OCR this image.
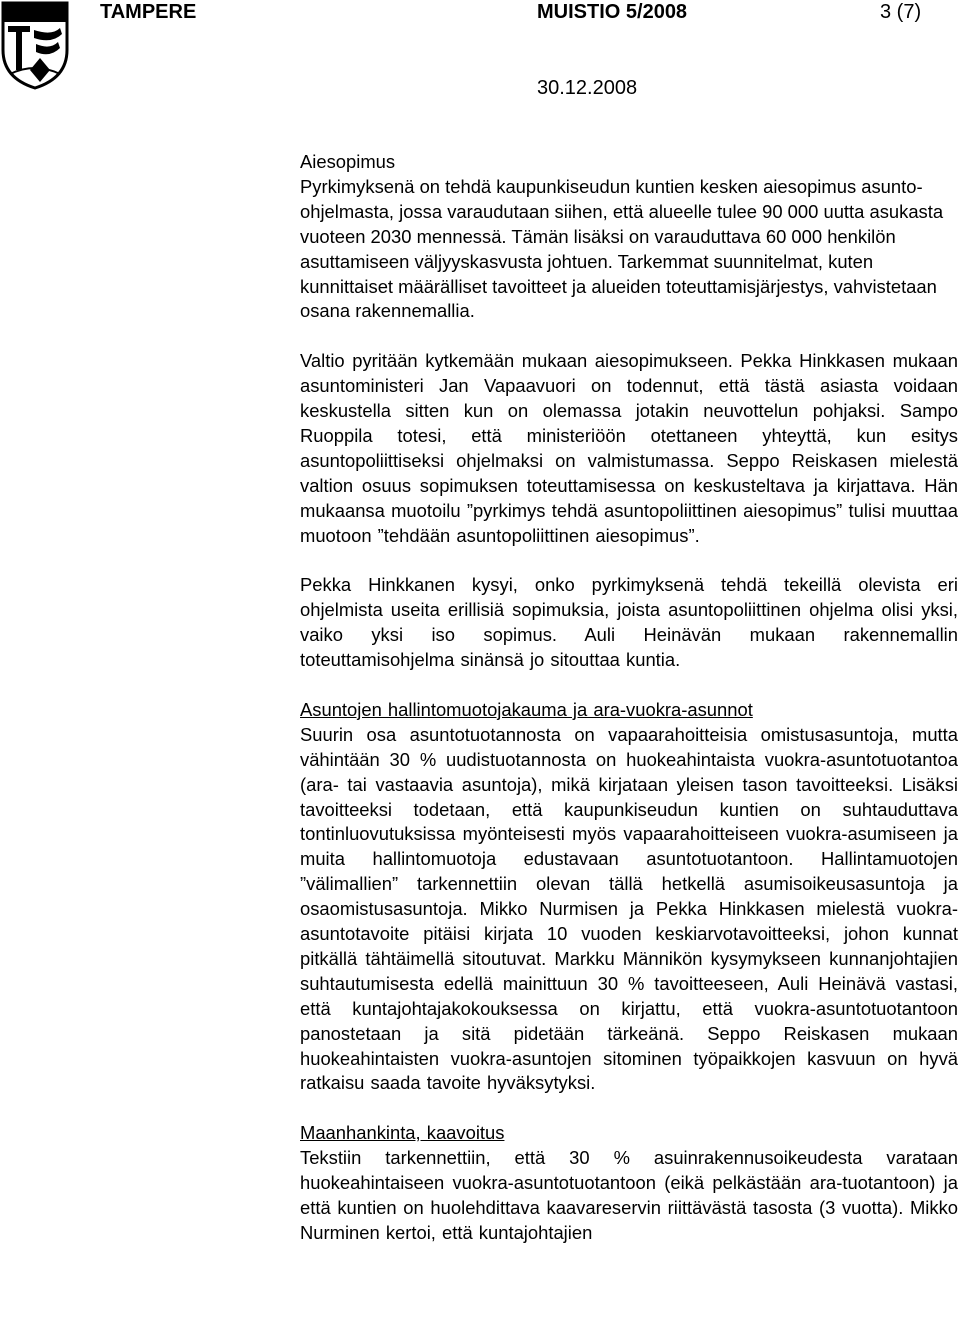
TAMPERE	MUISTIO 5/2008	3 (7)
30.12.2008
Aiesopimus
Pyrkimyksenä on tehdä kaupunkiseudun kuntien kesken aiesopimus asunto-ohjelmasta, jossa varaudutaan siihen, että alueelle tulee 90 000 uutta asukasta vuoteen 2030 mennessä. Tämän lisäksi on varauduttava 60 000 henkilön asuttamiseen väljyyskasvusta johtuen. Tarkemmat suunnitelmat, kuten kunnittaiset määrälliset tavoitteet ja alueiden toteuttamisjärjestys, vahvistetaan osana rakennemallia.
Valtio pyritään kytkemään mukaan aiesopimukseen. Pekka Hinkkasen mukaan asuntoministeri Jan Vapaavuori on todennut, että tästä asiasta voidaan keskustella sitten kun on olemassa jotakin neuvottelun pohjaksi. Sampo Ruoppila totesi, että ministeriöön otettaneen yhteyttä, kun esitys asuntopoliittiseksi ohjelmaksi on valmistumassa. Seppo Reiskasen mielestä valtion osuus sopimuksen toteuttamisessa on keskusteltava ja kirjattava. Hän mukaansa muotoilu ”pyrkimys tehdä asuntopoliittinen aiesopimus” tulisi muuttaa muotoon ”tehdään asuntopoliittinen aiesopimus”.
Pekka Hinkkanen kysyi, onko pyrkimyksenä tehdä tekeillä olevista eri ohjelmista useita erillisiä sopimuksia, joista asuntopoliittinen ohjelma olisi yksi, vaiko yksi iso sopimus. Auli Heinävän mukaan rakennemallin toteuttamisohjelma sinänsä jo sitouttaa kuntia.
Asuntojen hallintomuotojakauma ja ara-vuokra-asunnot
Suurin osa asuntotuotannosta on vapaarahoitteisia omistusasuntoja, mutta vähintään 30 % uudistuotannosta on huokeahintaista vuokra-asuntotuotantoa (ara- tai vastaavia asuntoja), mikä kirjataan yleisen tason tavoitteeksi. Lisäksi tavoitteeksi todetaan, että kaupunkiseudun kuntien on suhtauduttava tontinluovutuksissa myönteisesti myös vapaarahoitteiseen vuokra-asumiseen ja muita hallintomuotoja edustavaan asuntotuotantoon. Hallintamuotojen ”välimallien” tarkennettiin olevan tällä hetkellä asumisoikeusasuntoja ja osaomistusasuntoja. Mikko Nurmisen ja Pekka Hinkkasen mielestä vuokra-asuntotavoite pitäisi kirjata 10 vuoden keskiarvotavoitteeksi, johon kunnat pitkällä tähtäimellä sitoutuvat. Markku Männikön kysymykseen kunnanjohtajien suhtautumisesta edellä mainittuun 30 % tavoitteeseen, Auli Heinävä vastasi, että kuntajohtajakokouksessa on kirjattu, että vuokra-asuntotuotantoon panostetaan ja sitä pidetään tärkeänä. Seppo Reiskasen mukaan huokeahintaisten vuokra-asuntojen sitominen työpaikkojen kasvuun on hyvä ratkaisu saada tavoite hyväksytyksi.
Maanhankinta, kaavoitus
Tekstiin tarkennettiin, että 30 % asuinrakennusoikeudesta varataan huokeahintaiseen vuokra-asuntotuotantoon (eikä pelkästään ara-tuotantoon) ja että kuntien on huolehdittava kaavareservin riittävästä tasosta (3 vuotta). Mikko Nurminen kertoi, että kuntajohtajien
